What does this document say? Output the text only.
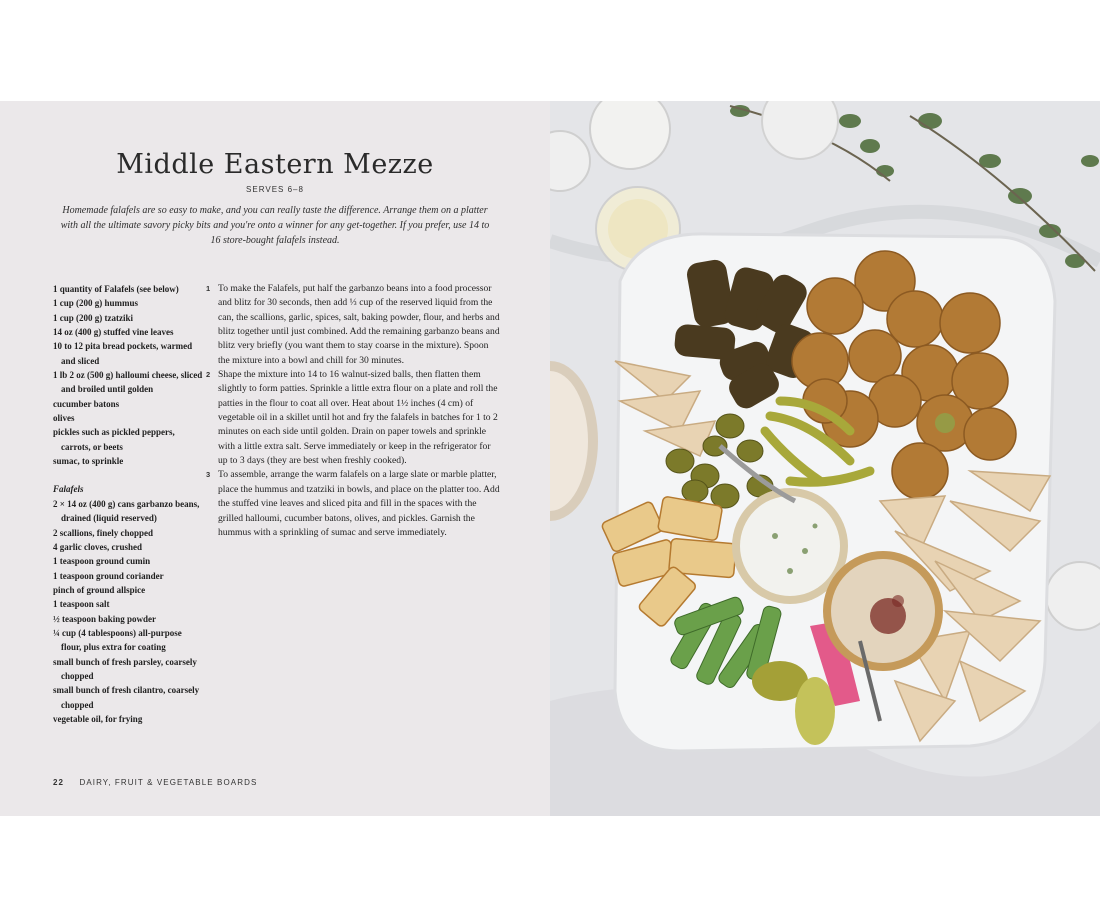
Middle Eastern Mezze
SERVES 6–8
Homemade falafels are so easy to make, and you can really taste the difference. Arrange them on a platter with all the ultimate savory picky bits and you're onto a winner for any get-together. If you prefer, use 14 to 16 store-bought falafels instead.
1 quantity of Falafels (see below)
1 cup (200 g) hummus
1 cup (200 g) tzatziki
14 oz (400 g) stuffed vine leaves
10 to 12 pita bread pockets, warmed and sliced
1 lb 2 oz (500 g) halloumi cheese, sliced and broiled until golden
cucumber batons
olives
pickles such as pickled peppers, carrots, or beets
sumac, to sprinkle
Falafels
2 × 14 oz (400 g) cans garbanzo beans, drained (liquid reserved)
2 scallions, finely chopped
4 garlic cloves, crushed
1 teaspoon ground cumin
1 teaspoon ground coriander
pinch of ground allspice
1 teaspoon salt
½ teaspoon baking powder
¼ cup (4 tablespoons) all-purpose flour, plus extra for coating
small bunch of fresh parsley, coarsely chopped
small bunch of fresh cilantro, coarsely chopped
vegetable oil, for frying
1 To make the Falafels, put half the garbanzo beans into a food processor and blitz for 30 seconds, then add ⅓ cup of the reserved liquid from the can, the scallions, garlic, spices, salt, baking powder, flour, and herbs and blitz together until just combined. Add the remaining garbanzo beans and blitz very briefly (you want them to stay coarse in the mixture). Spoon the mixture into a bowl and chill for 30 minutes.
2 Shape the mixture into 14 to 16 walnut-sized balls, then flatten them slightly to form patties. Sprinkle a little extra flour on a plate and roll the patties in the flour to coat all over. Heat about 1½ inches (4 cm) of vegetable oil in a skillet until hot and fry the falafels in batches for 1 to 2 minutes on each side until golden. Drain on paper towels and sprinkle with a little extra salt. Serve immediately or keep in the refrigerator for up to 3 days (they are best when freshly cooked).
3 To assemble, arrange the warm falafels on a large slate or marble platter, place the hummus and tzatziki in bowls, and place on the platter too. Add the stuffed vine leaves and sliced pita and fill in the spaces with the grilled halloumi, cucumber batons, olives, and pickles. Garnish the hummus with a sprinkling of sumac and serve immediately.
22 DAIRY, FRUIT & VEGETABLE BOARDS
